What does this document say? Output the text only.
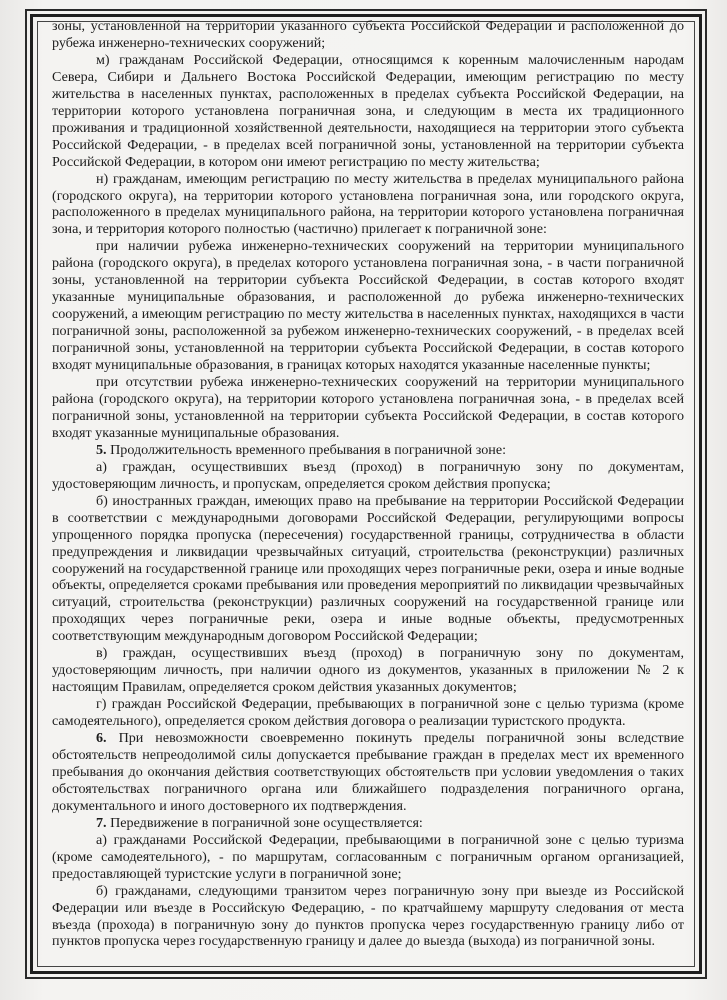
зоны, установленной на территории указанного субъекта Российской Федерации и расположенной до рубежа инженерно-технических сооружений;

м) гражданам Российской Федерации, относящимся к коренным малочисленным народам Севера, Сибири и Дальнего Востока Российской Федерации, имеющим регистрацию по месту жительства в населенных пунктах, расположенных в пределах субъекта Российской Федерации, на территории которого установлена пограничная зона, и следующим в места их традиционного проживания и традиционной хозяйственной деятельности, находящиеся на территории этого субъекта Российской Федерации, - в пределах всей пограничной зоны, установленной на территории субъекта Российской Федерации, в котором они имеют регистрацию по месту жительства;

н) гражданам, имеющим регистрацию по месту жительства в пределах муниципального района (городского округа), на территории которого установлена пограничная зона, или городского округа, расположенного в пределах муниципального района, на территории которого установлена пограничная зона, и территория которого полностью (частично) прилегает к пограничной зоне:

при наличии рубежа инженерно-технических сооружений на территории муниципального района (городского округа), в пределах которого установлена пограничная зона, - в части пограничной зоны, установленной на территории субъекта Российской Федерации, в состав которого входят указанные муниципальные образования, и расположенной до рубежа инженерно-технических сооружений, а имеющим регистрацию по месту жительства в населенных пунктах, находящихся в части пограничной зоны, расположенной за рубежом инженерно-технических сооружений, - в пределах всей пограничной зоны, установленной на территории субъекта Российской Федерации, в состав которого входят муниципальные образования, в границах которых находятся указанные населенные пункты;

при отсутствии рубежа инженерно-технических сооружений на территории муниципального района (городского округа), на территории которого установлена пограничная зона, - в пределах всей пограничной зоны, установленной на территории субъекта Российской Федерации, в состав которого входят указанные муниципальные образования.

5. Продолжительность временного пребывания в пограничной зоне:

а) граждан, осуществивших въезд (проход) в пограничную зону по документам, удостоверяющим личность, и пропускам, определяется сроком действия пропуска;

б) иностранных граждан, имеющих право на пребывание на территории Российской Федерации в соответствии с международными договорами Российской Федерации, регулирующими вопросы упрощенного порядка пропуска (пересечения) государственной границы, сотрудничества в области предупреждения и ликвидации чрезвычайных ситуаций, строительства (реконструкции) различных сооружений на государственной границе или проходящих через пограничные реки, озера и иные водные объекты, определяется сроками пребывания или проведения мероприятий по ликвидации чрезвычайных ситуаций, строительства (реконструкции) различных сооружений на государственной границе или проходящих через пограничные реки, озера и иные водные объекты, предусмотренных соответствующим международным договором Российской Федерации;

в) граждан, осуществивших въезд (проход) в пограничную зону по документам, удостоверяющим личность, при наличии одного из документов, указанных в приложении № 2 к настоящим Правилам, определяется сроком действия указанных документов;

г) граждан Российской Федерации, пребывающих в пограничной зоне с целью туризма (кроме самодеятельного), определяется сроком действия договора о реализации туристского продукта.

6. При невозможности своевременно покинуть пределы пограничной зоны вследствие обстоятельств непреодолимой силы допускается пребывание граждан в пределах мест их временного пребывания до окончания действия соответствующих обстоятельств при условии уведомления о таких обстоятельствах пограничного органа или ближайшего подразделения пограничного органа, документального и иного достоверного их подтверждения.

7. Передвижение в пограничной зоне осуществляется:

а) гражданами Российской Федерации, пребывающими в пограничной зоне с целью туризма (кроме самодеятельного), - по маршрутам, согласованным с пограничным органом организацией, предоставляющей туристские услуги в пограничной зоне;

б) гражданами, следующими транзитом через пограничную зону при выезде из Российской Федерации или въезде в Российскую Федерацию, - по кратчайшему маршруту следования от места въезда (прохода) в пограничную зону до пунктов пропуска через государственную границу либо от пунктов пропуска через государственную границу и далее до выезда (выхода) из пограничной зоны.
